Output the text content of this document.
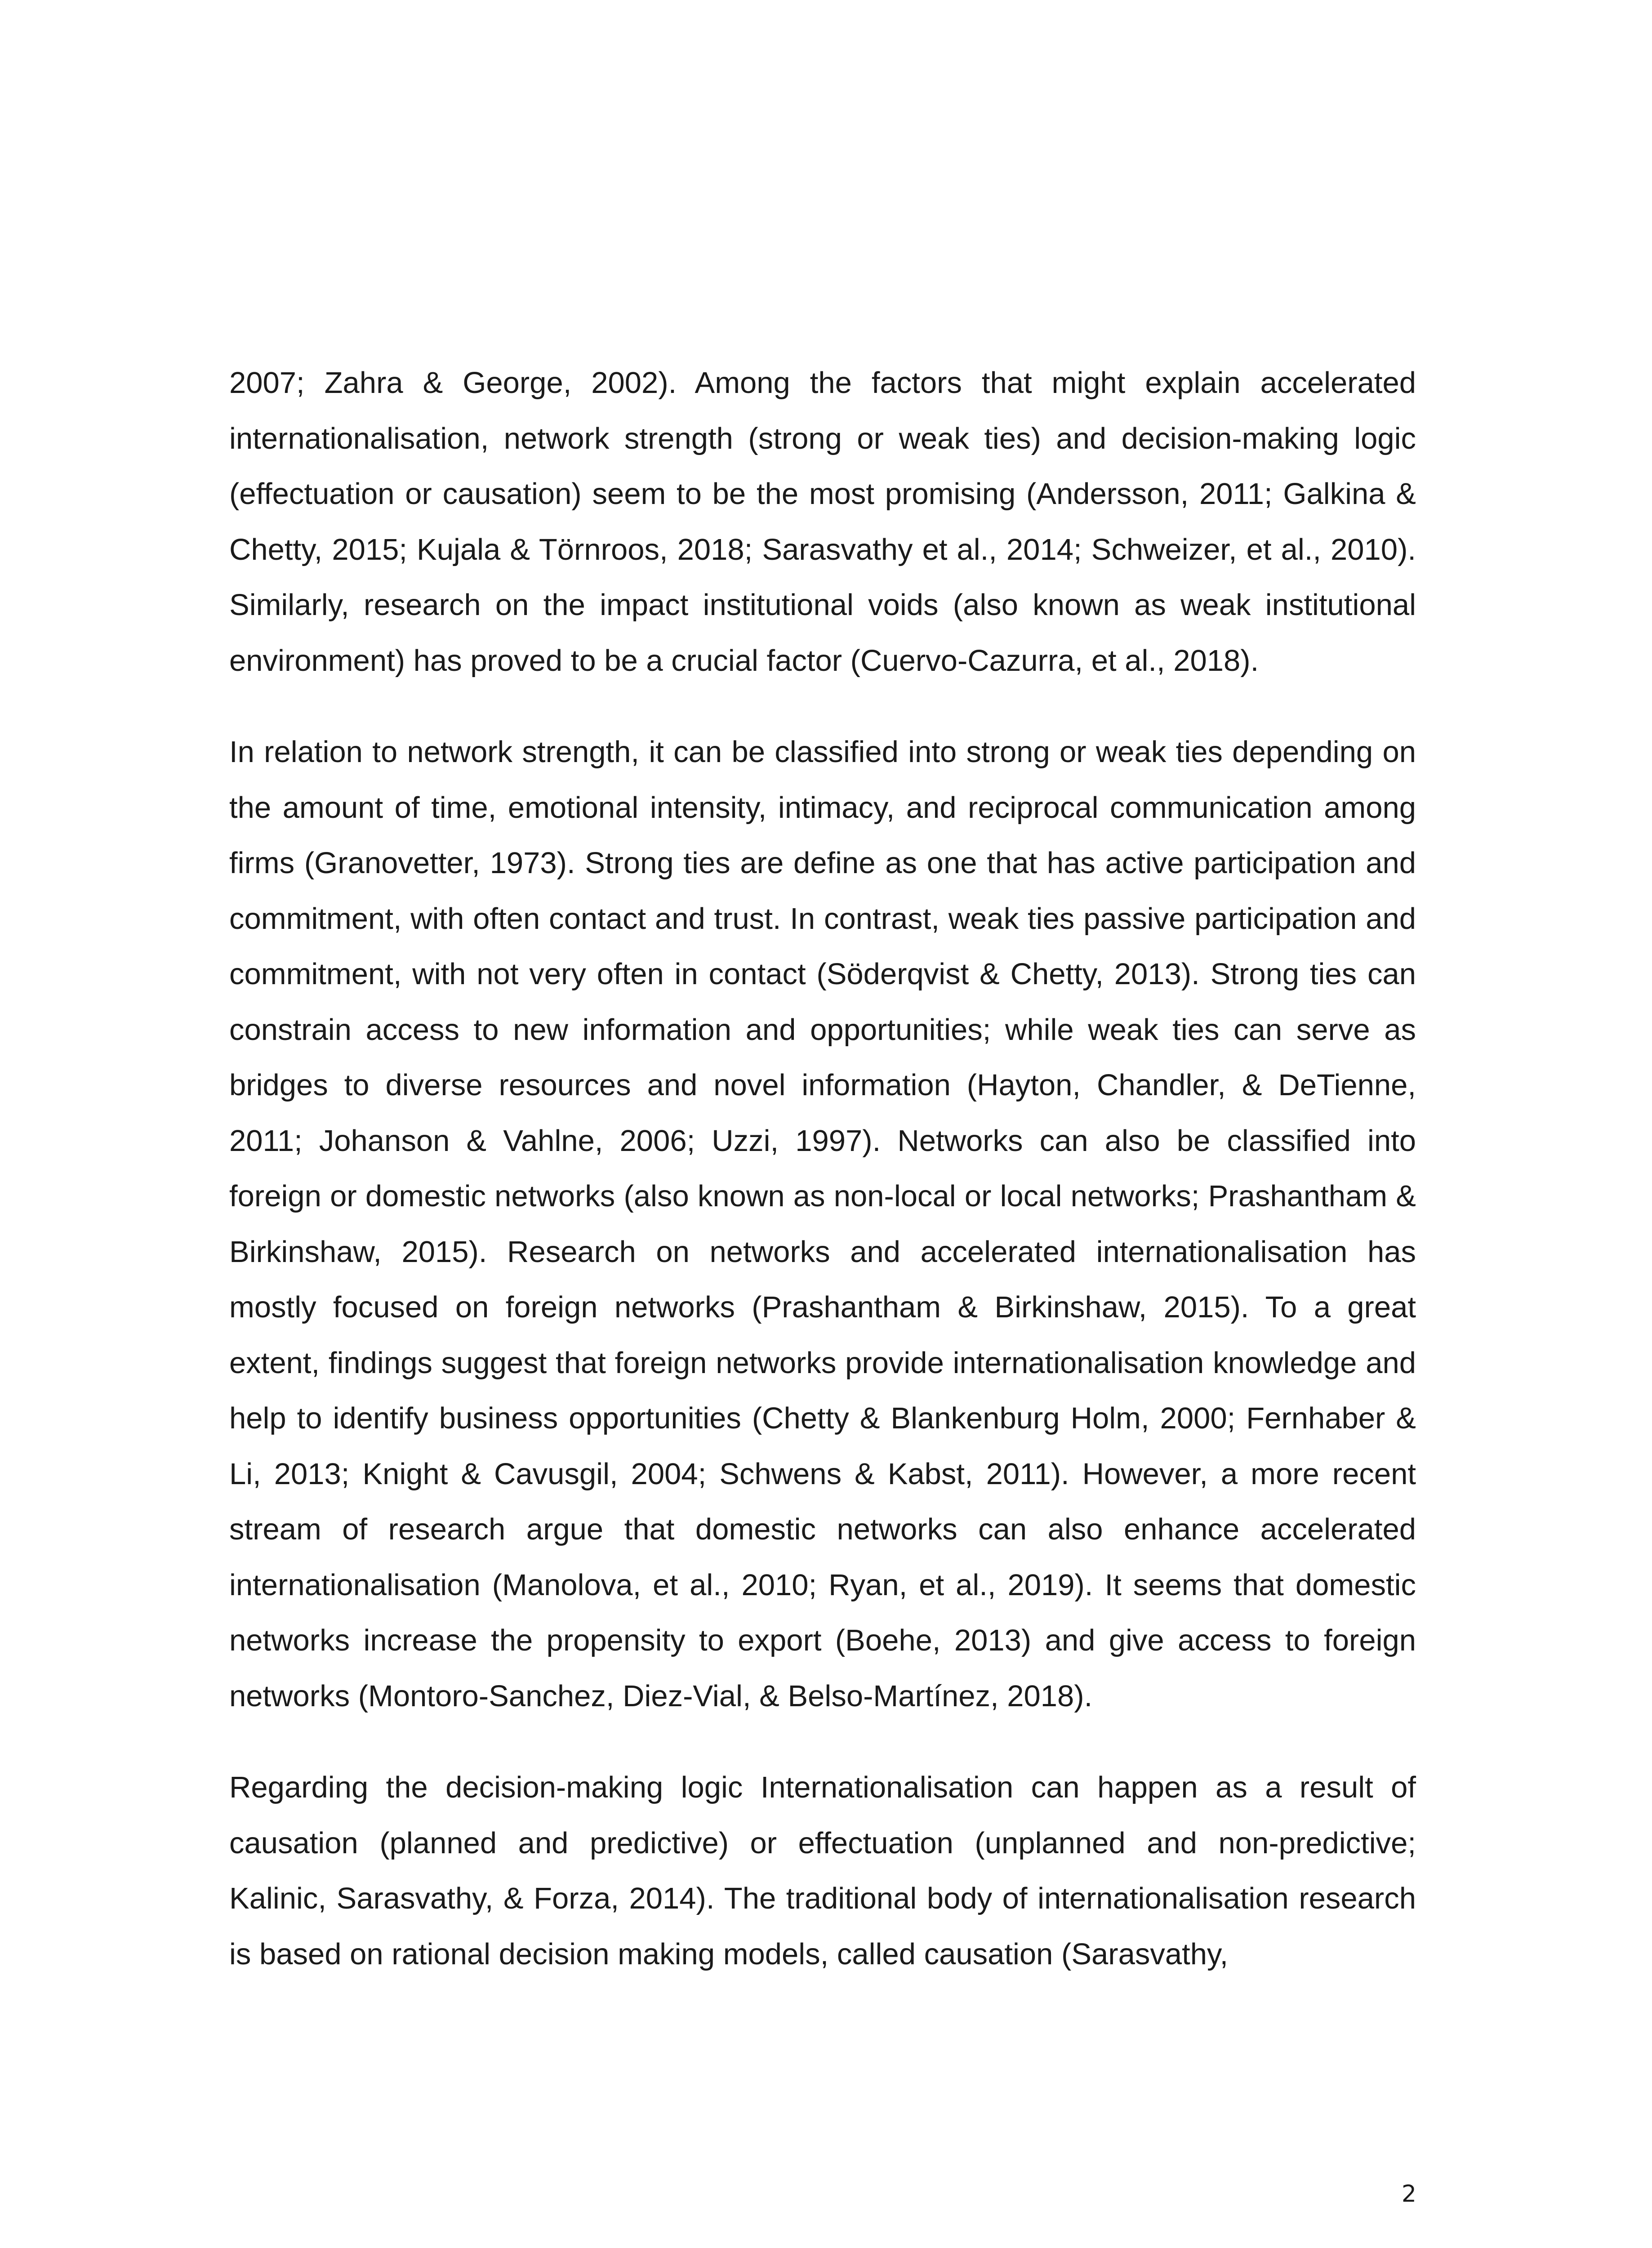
2007; Zahra & George, 2002). Among the factors that might explain accelerated internationalisation, network strength (strong or weak ties) and decision-making logic (effectuation or causation) seem to be the most promising (Andersson, 2011; Galkina & Chetty, 2015; Kujala & Törnroos, 2018; Sarasvathy et al., 2014; Schweizer, et al., 2010). Similarly, research on the impact institutional voids (also known as weak institutional environment) has proved to be a crucial factor (Cuervo-Cazurra, et al., 2018).

In relation to network strength, it can be classified into strong or weak ties depending on the amount of time, emotional intensity, intimacy, and reciprocal communication among firms (Granovetter, 1973). Strong ties are define as one that has active participation and commitment, with often contact and trust. In contrast, weak ties passive participation and commitment, with not very often in contact (Söderqvist & Chetty, 2013). Strong ties can constrain access to new information and opportunities; while weak ties can serve as bridges to diverse resources and novel information (Hayton, Chandler, & DeTienne, 2011; Johanson & Vahlne, 2006; Uzzi, 1997). Networks can also be classified into foreign or domestic networks (also known as non-local or local networks; Prashantham & Birkinshaw, 2015). Research on networks and accelerated internationalisation has mostly focused on foreign networks (Prashantham & Birkinshaw, 2015). To a great extent, findings suggest that foreign networks provide internationalisation knowledge and help to identify business opportunities (Chetty & Blankenburg Holm, 2000; Fernhaber & Li, 2013; Knight & Cavusgil, 2004; Schwens & Kabst, 2011). However, a more recent stream of research argue that domestic networks can also enhance accelerated internationalisation (Manolova, et al., 2010; Ryan, et al., 2019). It seems that domestic networks increase the propensity to export (Boehe, 2013) and give access to foreign networks (Montoro-Sanchez, Diez-Vial, & Belso-Martínez, 2018).

Regarding the decision-making logic Internationalisation can happen as a result of causation (planned and predictive) or effectuation (unplanned and non-predictive; Kalinic, Sarasvathy, & Forza, 2014). The traditional body of internationalisation research is based on rational decision making models, called causation (Sarasvathy,

2
